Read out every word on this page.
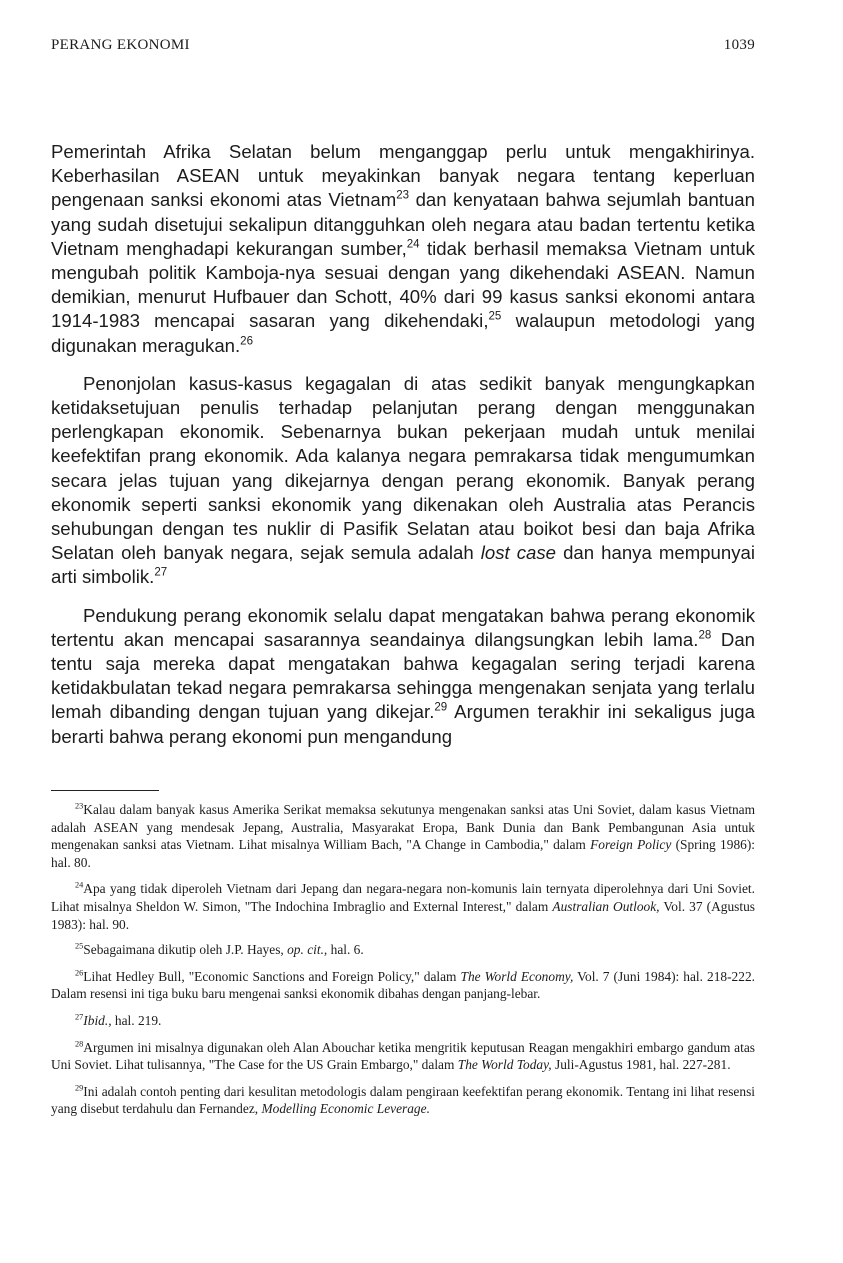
PERANG EKONOMI	1039

Pemerintah Afrika Selatan belum menganggap perlu untuk mengakhirinya. Keberhasilan ASEAN untuk meyakinkan banyak negara tentang keperluan pengenaan sanksi ekonomi atas Vietnam$^{23}$ dan kenyataan bahwa sejumlah bantuan yang sudah disetujui sekalipun ditangguhkan oleh negara atau badan tertentu ketika Vietnam menghadapi kekurangan sumber,$^{24}$ tidak berhasil memaksa Vietnam untuk mengubah politik Kamboja-nya sesuai dengan yang dikehendaki ASEAN. Namun demikian, menurut Hufbauer dan Schott, 40% dari 99 kasus sanksi ekonomi antara 1914-1983 mencapai sasaran yang dikehendaki,$^{25}$ walaupun metodologi yang digunakan meragukan.$^{26}$

Penonjolan kasus-kasus kegagalan di atas sedikit banyak mengungkapkan ketidaksetujuan penulis terhadap pelanjutan perang dengan menggunakan perlengkapan ekonomik. Sebenarnya bukan pekerjaan mudah untuk menilai keefektifan prang ekonomik. Ada kalanya negara pemrakarsa tidak mengumumkan secara jelas tujuan yang dikejarnya dengan perang ekonomik. Banyak perang ekonomik seperti sanksi ekonomik yang dikenakan oleh Australia atas Perancis sehubungan dengan tes nuklir di Pasifik Selatan atau boikot besi dan baja Afrika Selatan oleh banyak negara, sejak semula adalah lost case dan hanya mempunyai arti simbolik.$^{27}$

Pendukung perang ekonomik selalu dapat mengatakan bahwa perang ekonomik tertentu akan mencapai sasarannya seandainya dilangsungkan lebih lama.$^{28}$ Dan tentu saja mereka dapat mengatakan bahwa kegagalan sering terjadi karena ketidakbulatan tekad negara pemrakarsa sehingga mengenakan senjata yang terlalu lemah dibanding dengan tujuan yang dikejar.$^{29}$ Argumen terakhir ini sekaligus juga berarti bahwa perang ekonomi pun mengandung

$^{23}$Kalau dalam banyak kasus Amerika Serikat memaksa sekutunya mengenakan sanksi atas Uni Soviet, dalam kasus Vietnam adalah ASEAN yang mendesak Jepang, Australia, Masyarakat Eropa, Bank Dunia dan Bank Pembangunan Asia untuk mengenakan sanksi atas Vietnam. Lihat misalnya William Bach, "A Change in Cambodia," dalam Foreign Policy (Spring 1986): hal. 80.

$^{24}$Apa yang tidak diperoleh Vietnam dari Jepang dan negara-negara non-komunis lain ternyata diperolehnya dari Uni Soviet. Lihat misalnya Sheldon W. Simon, "The Indochina Imbraglio and External Interest," dalam Australian Outlook, Vol. 37 (Agustus 1983): hal. 90.

$^{25}$Sebagaimana dikutip oleh J.P. Hayes, op. cit., hal. 6.

$^{26}$Lihat Hedley Bull, "Economic Sanctions and Foreign Policy," dalam The World Economy, Vol. 7 (Juni 1984): hal. 218-222. Dalam resensi ini tiga buku baru mengenai sanksi ekonomik dibahas dengan panjang-lebar.

$^{27}$Ibid., hal. 219.

$^{28}$Argumen ini misalnya digunakan oleh Alan Abouchar ketika mengritik keputusan Reagan mengakhiri embargo gandum atas Uni Soviet. Lihat tulisannya, "The Case for the US Grain Embargo," dalam The World Today, Juli-Agustus 1981, hal. 227-281.

$^{29}$Ini adalah contoh penting dari kesulitan metodologis dalam pengiraan keefektifan perang ekonomik. Tentang ini lihat resensi yang disebut terdahulu dan Fernandez, Modelling Economic Leverage.
